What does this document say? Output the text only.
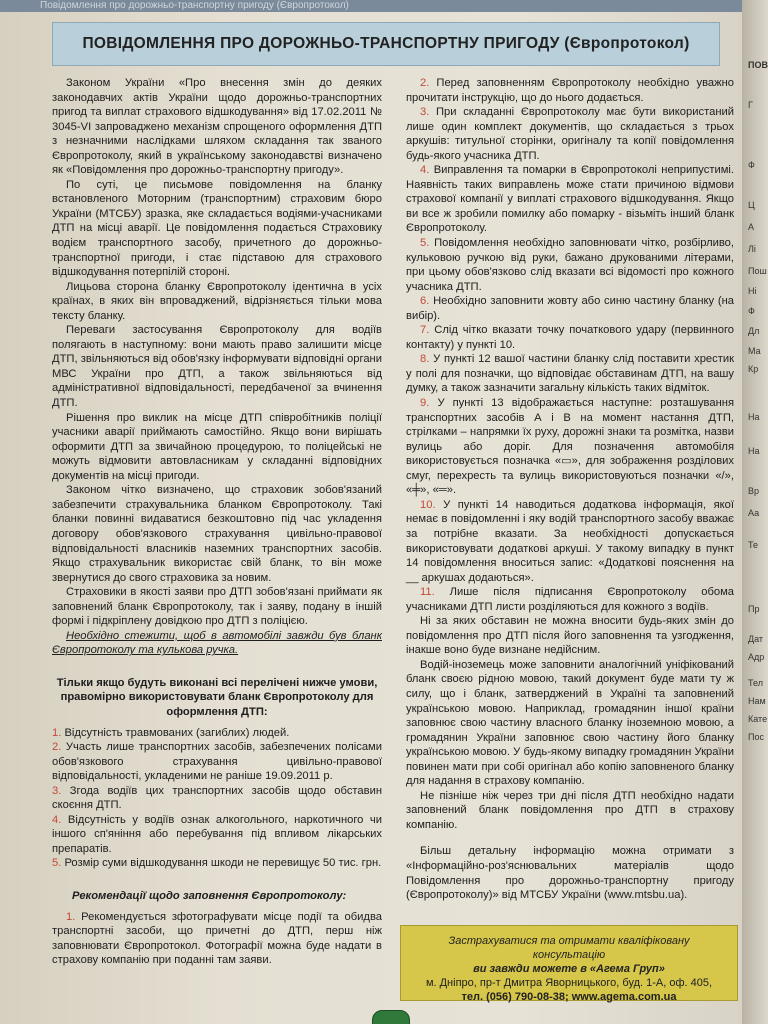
Повідомлення про дорожньо-транспортну пригоду (Європротокол)
ПОВІДОМЛЕННЯ ПРО ДОРОЖНЬО-ТРАНСПОРТНУ ПРИГОДУ (Європротокол)

Законом України «Про внесення змін до деяких законодавчих актів України щодо дорожньо-транспортних пригод та виплат страхового відшкодування» від 17.02.2011 № 3045-VI запроваджено механізм спрощеного оформлення ДТП з незначними наслідками шляхом складання так званого Європротоколу, який в українському законодавстві визначено як «Повідомлення про дорожньо-транспортну пригоду».

По суті, це письмове повідомлення на бланку встановленого Моторним (транспортним) страховим бюро України (МТСБУ) зразка, яке складається водіями-учасниками ДТП на місці аварії. Це повідомлення подається Страховику водієм транспортного засобу, причетного до дорожньо-транспортної пригоди, і стає підставою для страхового відшкодування потерпілій стороні.

Лицьова сторона бланку Європротоколу ідентична в усіх країнах, в яких він впроваджений, відрізняється тільки мова тексту бланку.

Переваги застосування Європротоколу для водіїв полягають в наступному: вони мають право залишити місце ДТП, звільняються від обов'язку інформувати відповідні органи МВС України про ДТП, а також звільняються від адміністративної відповідальності, передбаченої за вчинення ДТП.

Рішення про виклик на місце ДТП співробітників поліції учасники аварії приймають самостійно. Якщо вони вирішать оформити ДТП за звичайною процедурою, то поліцейські не можуть відмовити автовласникам у складанні відповідних документів на місці пригоди.

Законом чітко визначено, що страховик зобов'язаний забезпечити страхувальника бланком Європротоколу. Такі бланки повинні видаватися безкоштовно під час укладення договору обов'язкового страхування цивільно-правової відповідальності власників наземних транспортних засобів. Якщо страхувальник використає свій бланк, то він може звернутися до свого страховика за новим.

Страховики в якості заяви про ДТП зобов'язані приймати як заповнений бланк Європротоколу, так і заяву, подану в іншій формі і підкріплену довідкою про ДТП з поліцією.

Необхідно стежити, щоб в автомобілі завжди був бланк Європротоколу та кулькова ручка.

Тільки якщо будуть виконані всі перелічені нижче умови, правомірно використовувати бланк Європротоколу для оформлення ДТП:

1. Відсутність травмованих (загиблих) людей.

2. Участь лише транспортних засобів, забезпечених полісами обов'язкового страхування цивільно-правової відповідальності, укладеними не раніше 19.09.2011 р.

3. Згода водіїв цих транспортних засобів щодо обставин скоєння ДТП.

4. Відсутність у водіїв ознак алкогольного, наркотичного чи іншого сп'яніння або перебування під впливом лікарських препаратів.

5. Розмір суми відшкодування шкоди не перевищує 50 тис. грн.

Рекомендації щодо заповнення Європротоколу:

1. Рекомендується зфотографувати місце події та обидва транспортні засоби, що причетні до ДТП, перш ніж заповнювати Європротокол. Фотографії можна буде надати в страхову компанію при поданні там заяви.

2. Перед заповненням Європротоколу необхідно уважно прочитати інструкцію, що до нього додається.

3. При складанні Європротоколу має бути використаний лише один комплект документів, що складається з трьох аркушів: титульної сторінки, оригіналу та копії повідомлення будь-якого учасника ДТП.

4. Виправлення та помарки в Європротоколі неприпустимі. Наявність таких виправлень може стати причиною відмови страхової компанії у виплаті страхового відшкодування. Якщо ви все ж зробили помилку або помарку - візьміть інший бланк Європротоколу.

5. Повідомлення необхідно заповнювати чітко, розбірливо, кульковою ручкою від руки, бажано друкованими літерами, при цьому обов'язково слід вказати всі відомості про кожного учасника ДТП.

6. Необхідно заповнити жовту або синю частину бланку (на вибір).

7. Слід чітко вказати точку початкового удару (первинного контакту) у пункті 10.

8. У пункті 12 вашої частини бланку слід поставити хрестик у полі для позначки, що відповідає обставинам ДТП, на вашу думку, а також зазначити загальну кількість таких відміток.

9. У пункті 13 відображається наступне: розташування транспортних засобів А і В на момент настання ДТП, стрілками – напрямки їх руху, дорожні знаки та розмітка, назви вулиць або доріг. Для позначення автомобіля використовується позначка «▭», для зображення розділових смуг, перехресть та вулиць використовуються позначки «/», «╪», «═».

10. У пункті 14 наводиться додаткова інформація, якої немає в повідомленні і яку водій транспортного засобу вважає за потрібне вказати. За необхідності допускається використовувати додаткові аркуші. У такому випадку в пункт 14 повідомлення вноситься запис: «Додаткові пояснення на __ аркушах додаються».

11. Лише після підписання Європротоколу обома учасниками ДТП листи розділяються для кожного з водіїв.

Ні за яких обставин не можна вносити будь-яких змін до повідомлення про ДТП після його заповнення та узгодження, інакше воно буде визнане недійсним.

Водій-іноземець може заповнити аналогічний уніфікований бланк своєю рідною мовою, такий документ буде мати ту ж силу, що і бланк, затверджений в Україні та заповнений українською мовою. Наприклад, громадянин іншої країни заповнює свою частину власного бланку іноземною мовою, а громадянин України заповнює свою частину його бланку українською мовою. У будь-якому випадку громадянин України повинен мати при собі оригінал або копію заповненого бланку для надання в страхову компанію.

Не пізніше ніж через три дні після ДТП необхідно надати заповнений бланк повідомлення про ДТП в страхову компанію.

Більш детальну інформацію можна отримати з «Інформаційно-роз'яснювальних матеріалів щодо Повідомлення про дорожньо-транспортну пригоду (Європротоколу)» від МТСБУ України (www.mtsbu.ua).

Застрахуватися та отримати кваліфіковану консультацію
ви завжди можете в «Агема Груп»
м. Дніпро, пр-т Дмитра Яворницького, буд. 1-А, оф. 405,
тел. (056) 790-08-38; www.agema.com.ua
ПОВ
Г
Ф
Ц
А
Лі
Пош
Ні
Ф
Дл
Ма
Кр
На
На
Вр
Аа
Те
Пр
Дат
Адр
Тел
Нам
Кате
Пос
